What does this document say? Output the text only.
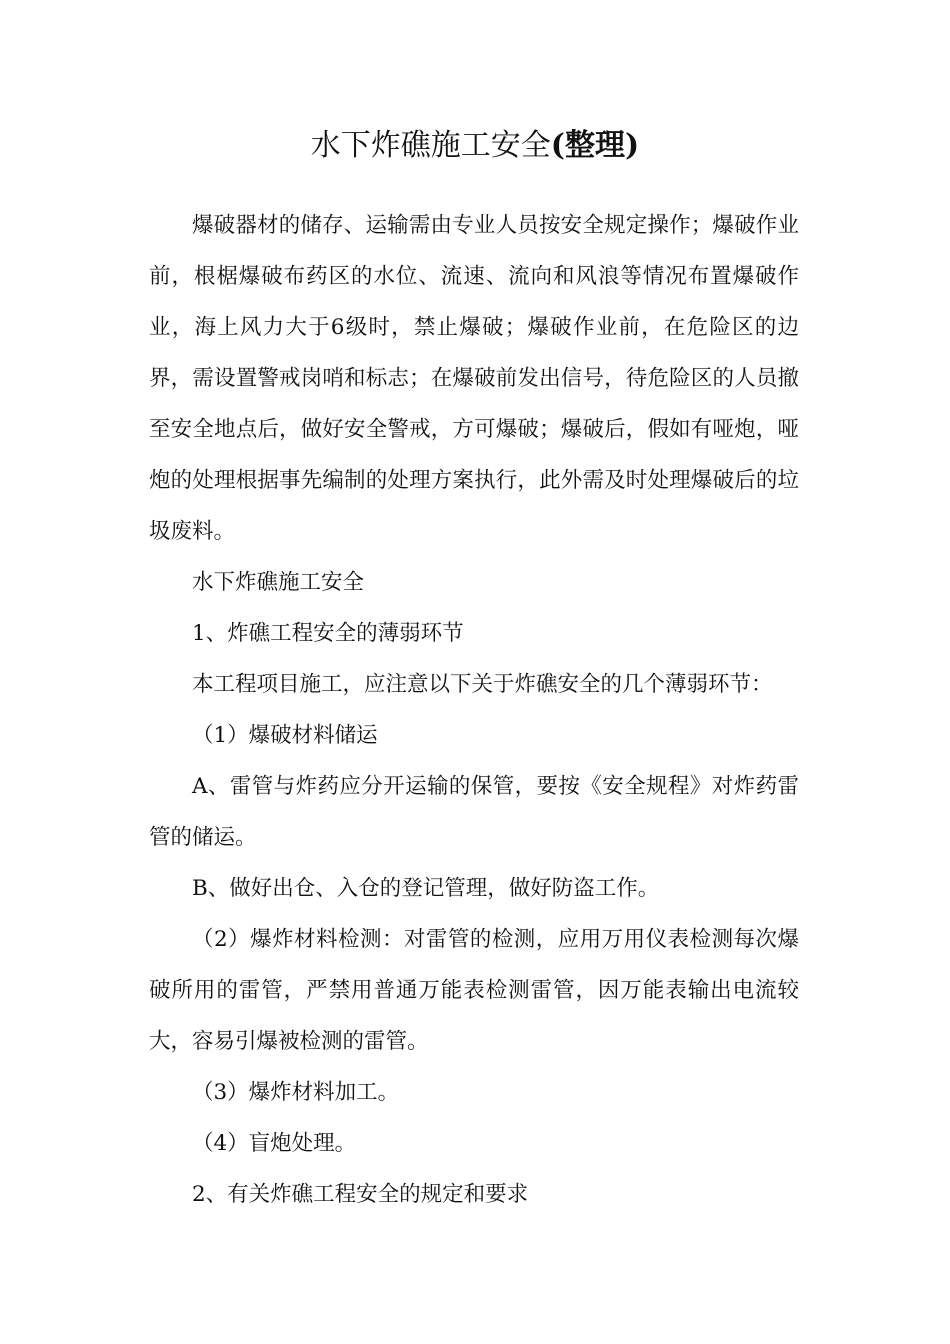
水下炸礁施工安全(整理)

爆破器材的储存、运输需由专业人员按安全规定操作；爆破作业前，根椐爆破布药区的水位、流速、流向和风浪等情况布置爆破作业，海上风力大于6级时，禁止爆破；爆破作业前，在危险区的边界，需设置警戒岗哨和标志；在爆破前发出信号，待危险区的人员撤至安全地点后，做好安全警戒，方可爆破；爆破后，假如有哑炮，哑炮的处理根据事先编制的处理方案执行，此外需及时处理爆破后的垃圾废料。

水下炸礁施工安全

1、炸礁工程安全的薄弱环节

本工程项目施工，应注意以下关于炸礁安全的几个薄弱环节：

（1）爆破材料储运

A、雷管与炸药应分开运输的保管，要按《安全规程》对炸药雷管的储运。

B、做好出仓、入仓的登记管理，做好防盗工作。

（2）爆炸材料检测：对雷管的检测，应用万用仪表检测每次爆破所用的雷管，严禁用普通万能表检测雷管，因万能表输出电流较大，容易引爆被检测的雷管。

（3）爆炸材料加工。

（4）盲炮处理。

2、有关炸礁工程安全的规定和要求
